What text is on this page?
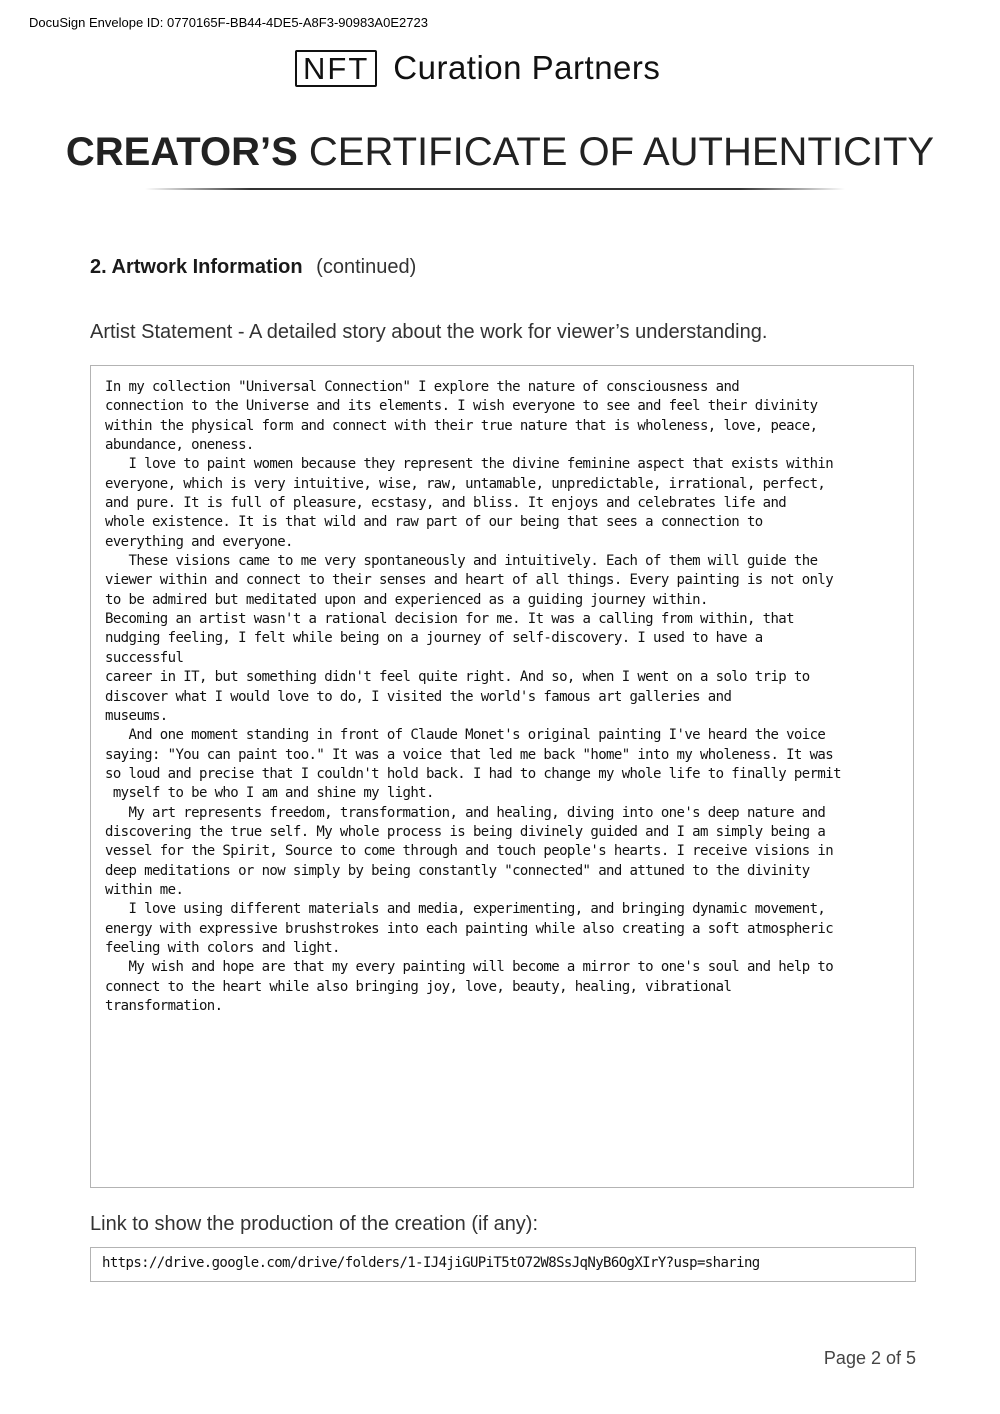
DocuSign Envelope ID: 0770165F-BB44-4DE5-A8F3-90983A0E2723
NFT Curation Partners
CREATOR’S CERTIFICATE OF AUTHENTICITY
2. Artwork Information (continued)
Artist Statement - A detailed story about the work for viewer’s understanding.
In my collection "Universal Connection" I explore the nature of consciousness and
connection to the Universe and its elements. I wish everyone to see and feel their divinity
within the physical form and connect with their true nature that is wholeness, love, peace,
abundance, oneness.
I love to paint women because they represent the divine feminine aspect that exists within
everyone, which is very intuitive, wise, raw, untamable, unpredictable, irrational, perfect,
and pure. It is full of pleasure, ecstasy, and bliss. It enjoys and celebrates life and
whole existence. It is that wild and raw part of our being that sees a connection to
everything and everyone.
These visions came to me very spontaneously and intuitively. Each of them will guide the
viewer within and connect to their senses and heart of all things. Every painting is not only
to be admired but meditated upon and experienced as a guiding journey within.
Becoming an artist wasn't a rational decision for me. It was a calling from within, that
nudging feeling, I felt while being on a journey of self-discovery. I used to have a
successful
career in IT, but something didn't feel quite right. And so, when I went on a solo trip to
discover what I would love to do, I visited the world's famous art galleries and
museums.
And one moment standing in front of Claude Monet's original painting I've heard the voice
saying: "You can paint too." It was a voice that led me back "home" into my wholeness. It was
so loud and precise that I couldn't hold back. I had to change my whole life to finally permit
myself to be who I am and shine my light.
My art represents freedom, transformation, and healing, diving into one's deep nature and
discovering the true self. My whole process is being divinely guided and I am simply being a
vessel for the Spirit, Source to come through and touch people's hearts. I receive visions in
deep meditations or now simply by being constantly "connected" and attuned to the divinity
within me.
I love using different materials and media, experimenting, and bringing dynamic movement,
energy with expressive brushstrokes into each painting while also creating a soft atmospheric
feeling with colors and light.
My wish and hope are that my every painting will become a mirror to one's soul and help to
connect to the heart while also bringing joy, love, beauty, healing, vibrational
transformation.
Link to show the production of the creation (if any):
https://drive.google.com/drive/folders/1-IJ4jiGUPiT5tO72W8SsJqNyB6OgXIrY?usp=sharing
Page 2 of 5
